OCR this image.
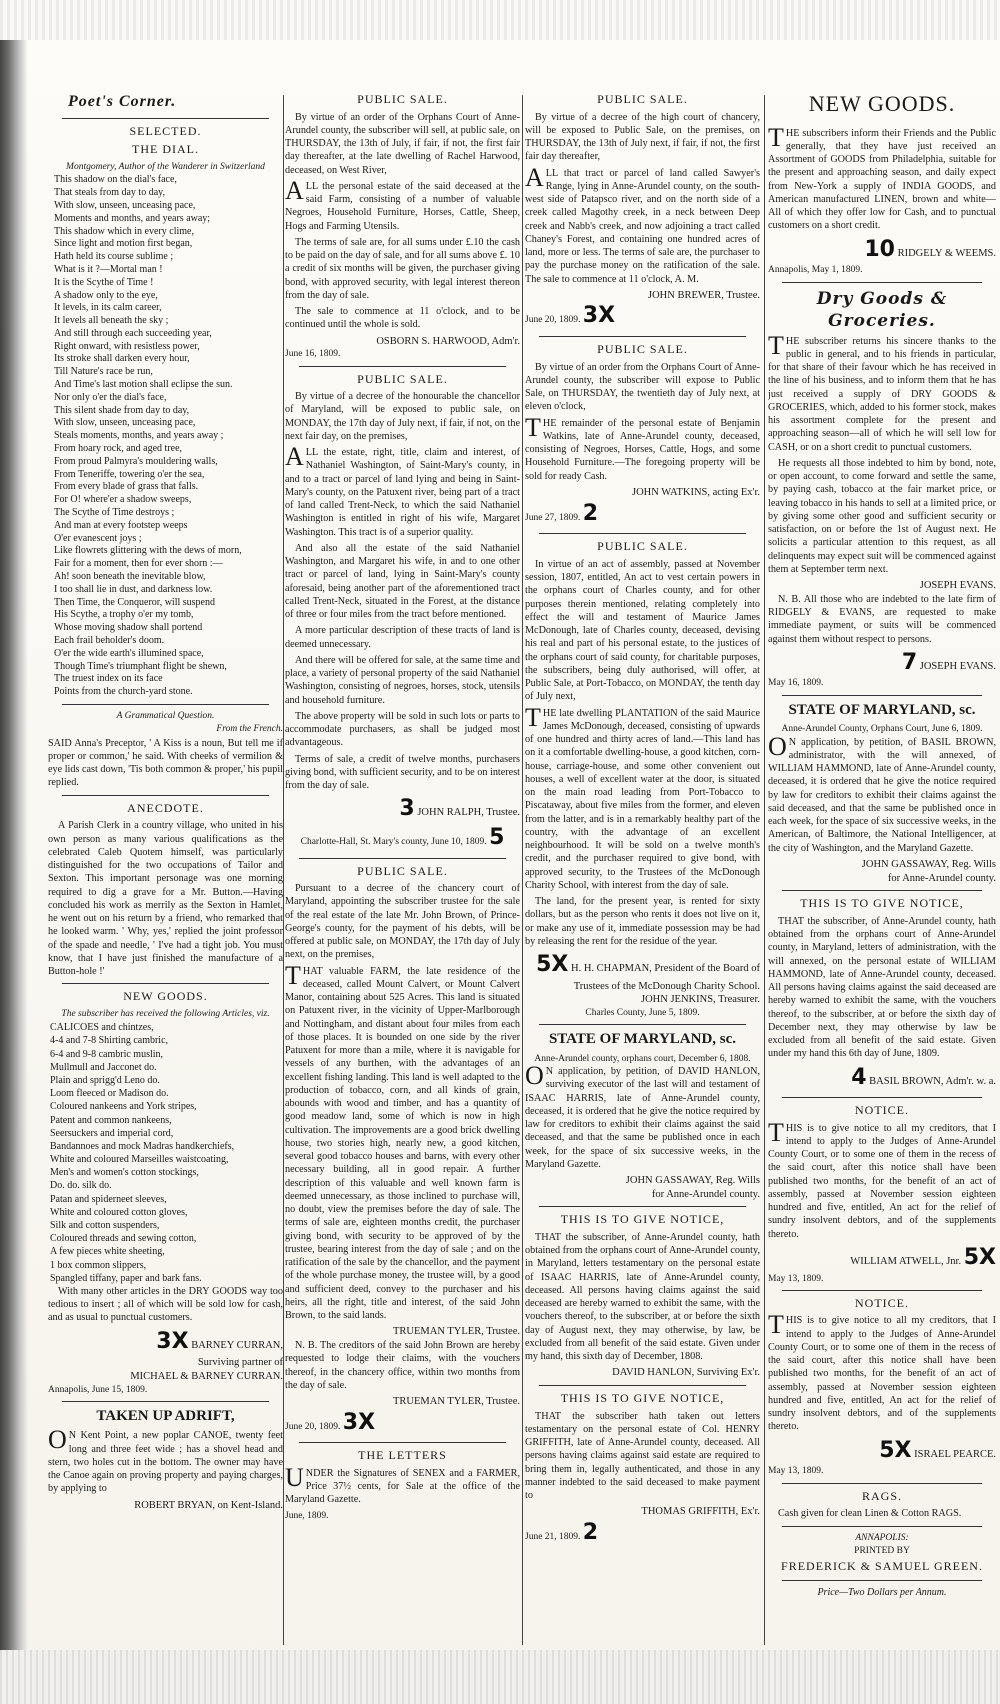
Poet's Corner.
SELECTED.
THE DIAL.
Montgomery, Author of the Wanderer in Switzerland
This shadow on the dial's face,
That steals from day to day,
With slow, unseen, unceasing pace,
Moments and months, and years away;
This shadow which in every clime,
Since light and motion first began,
Hath held its course sublime ;
What is it ?—Mortal man !
It is the Scythe of Time !
A shadow only to the eye,
It levels, in its calm career,
It levels all beneath the sky ;
And still through each succeeding year,
Right onward, with resistless power,
Its stroke shall darken every hour,
Till Nature's race be run,
And Time's last motion shall eclipse the sun.
Nor only o'er the dial's face,
This silent shade from day to day,
With slow, unseen, unceasing pace,
Steals moments, months, and years away ;
From hoary rock, and aged tree,
From proud Palmyra's mouldering walls,
From Teneriffe, towering o'er the sea,
From every blade of grass that falls.
For O! where'er a shadow sweeps,
The Scythe of Time destroys ;
And man at every footstep weeps
O'er evanescent joys ;
Like flowrets glittering with the dews of morn,
Fair for a moment, then for ever shorn :—
Ah! soon beneath the inevitable blow,
I too shall lie in dust, and darkness low.
Then Time, the Conqueror, will suspend
His Scythe, a trophy o'er my tomb,
Whose moving shadow shall portend
Each frail beholder's doom.
O'er the wide earth's illumined space,
Though Time's triumphant flight be shewn,
The truest index on its face
Points from the church-yard stone.
A Grammatical Question.
From the French.

SAID Anna's Preceptor, ' A Kiss is a noun, But tell me if proper or common,' he said. With cheeks of vermilion & eye lids cast down, 'Tis both common & proper,' his pupil replied.

ANECDOTE.

A Parish Clerk in a country village, who united in his own person as many various qualifications as the celebrated Caleb Quotem himself, was particularly distinguished for the two occupations of Tailor and Sexton. This important personage was one morning required to dig a grave for a Mr. Button.—Having concluded his work as merrily as the Sexton in Hamlet, he went out on his return by a friend, who remarked that he looked warm. ' Why, yes,' replied the joint professor of the spade and needle, ' I've had a tight job. You must know, that I have just finished the manufacture of a Button-hole !'

NEW GOODS.
The subscriber has received the following Articles, viz.
CALICOES and chintzes,
4-4 and 7-8 Shirting cambric,
6-4 and 9-8 cambric muslin,
Mullmull and Jacconet do.
Plain and sprigg'd Leno do.
Loom fleeced or Madison do.
Coloured nankeens and York stripes,
Patent and common nankeens,
Seersuckers and imperial cord,
Bandannoes and mock Madras handkerchiefs,
White and coloured Marseilles waistcoating,
Men's and women's cotton stockings,
Do. do. silk do.
Patan and spiderneet sleeves,
White and coloured cotton gloves,
Silk and cotton suspenders,
Coloured threads and sewing cotton,
A few pieces white sheeting,
1 box common slippers,
Spangled tiffany, paper and bark fans.

With many other articles in the DRY GOODS way too tedious to insert ; all of which will be sold low for cash, and as usual to punctual customers.

3X BARNEY CURRAN,
Surviving partner of
MICHAEL & BARNEY CURRAN.
Annapolis, June 15, 1809.
TAKEN UP ADRIFT,

ON Kent Point, a new poplar CANOE, twenty feet long and three feet wide ; has a shovel head and stern, two holes cut in the bottom. The owner may have the Canoe again on proving property and paying charges, by applying to

ROBERT BRYAN, on Kent-Island.
PUBLIC SALE.

By virtue of an order of the Orphans Court of Anne-Arundel county, the subscriber will sell, at public sale, on THURSDAY, the 13th of July, if fair, if not, the first fair day thereafter, at the late dwelling of Rachel Harwood, deceased, on West River,

ALL the personal estate of the said deceased at the said Farm, consisting of a number of valuable Negroes, Household Furniture, Horses, Cattle, Sheep, Hogs and Farming Utensils.

The terms of sale are, for all sums under £.10 the cash to be paid on the day of sale, and for all sums above £. 10 a credit of six months will be given, the purchaser giving bond, with approved security, with legal interest thereon from the day of sale.

The sale to commence at 11 o'clock, and to be continued until the whole is sold.

OSBORN S. HARWOOD, Adm'r.
June 16, 1809.
PUBLIC SALE.

By virtue of a decree of the honourable the chancellor of Maryland, will be exposed to public sale, on MONDAY, the 17th day of July next, if fair, if not, on the next fair day, on the premises,

ALL the estate, right, title, claim and interest, of Nathaniel Washington, of Saint-Mary's county, in and to a tract or parcel of land lying and being in Saint-Mary's county, on the Patuxent river, being part of a tract of land called Trent-Neck, to which the said Nathaniel Washington is entitled in right of his wife, Margaret Washington. This tract is of a superior quality.

And also all the estate of the said Nathaniel Washington, and Margaret his wife, in and to one other tract or parcel of land, lying in Saint-Mary's county aforesaid, being another part of the aforementioned tract called Trent-Neck, situated in the Forest, at the distance of three or four miles from the tract before mentioned.

A more particular description of these tracts of land is deemed unnecessary.

And there will be offered for sale, at the same time and place, a variety of personal property of the said Nathaniel Washington, consisting of negroes, horses, stock, utensils and household furniture.

The above property will be sold in such lots or parts to accommodate purchasers, as shall be judged most advantageous.

Terms of sale, a credit of twelve months, purchasers giving bond, with sufficient security, and to be on interest from the day of sale.

3 JOHN RALPH, Trustee.
Charlotte-Hall, St. Mary's county, June 10, 1809. 5
PUBLIC SALE.

Pursuant to a decree of the chancery court of Maryland, appointing the subscriber trustee for the sale of the real estate of the late Mr. John Brown, of Prince-George's county, for the payment of his debts, will be offered at public sale, on MONDAY, the 17th day of July next, on the premises,

THAT valuable FARM, the late residence of the deceased, called Mount Calvert, or Mount Calvert Manor, containing about 525 Acres. This land is situated on Patuxent river, in the vicinity of Upper-Marlborough and Nottingham, and distant about four miles from each of those places. It is bounded on one side by the river Patuxent for more than a mile, where it is navigable for vessels of any burthen, with the advantages of an excellent fishing landing. This land is well adapted to the production of tobacco, corn, and all kinds of grain, abounds with wood and timber, and has a quantity of good meadow land, some of which is now in high cultivation. The improvements are a good brick dwelling house, two stories high, nearly new, a good kitchen, several good tobacco houses and barns, with every other necessary building, all in good repair. A further description of this valuable and well known farm is deemed unnecessary, as those inclined to purchase will, no doubt, view the premises before the day of sale. The terms of sale are, eighteen months credit, the purchaser giving bond, with security to be approved of by the trustee, bearing interest from the day of sale ; and on the ratification of the sale by the chancellor, and the payment of the whole purchase money, the trustee will, by a good and sufficient deed, convey to the purchaser and his heirs, all the right, title and interest, of the said John Brown, to the said lands.

TRUEMAN TYLER, Trustee.

N. B. The creditors of the said John Brown are hereby requested to lodge their claims, with the vouchers thereof, in the chancery office, within two months from the day of sale.

TRUEMAN TYLER, Trustee.
June 20, 1809. 3X
THE LETTERS

UNDER the Signatures of SENEX and a FARMER, Price 37½ cents, for Sale at the office of the Maryland Gazette.

June, 1809.
PUBLIC SALE.

By virtue of a decree of the high court of chancery, will be exposed to Public Sale, on the premises, on THURSDAY, the 13th of July next, if fair, if not, the first fair day thereafter,

ALL that tract or parcel of land called Sawyer's Range, lying in Anne-Arundel county, on the south-west side of Patapsco river, and on the north side of a creek called Magothy creek, in a neck between Deep creek and Nabb's creek, and now adjoining a tract called Chaney's Forest, and containing one hundred acres of land, more or less. The terms of sale are, the purchaser to pay the purchase money on the ratification of the sale. The sale to commence at 11 o'clock, A. M.

JOHN BREWER, Trustee.
June 20, 1809. 3X
PUBLIC SALE.

By virtue of an order from the Orphans Court of Anne-Arundel county, the subscriber will expose to Public Sale, on THURSDAY, the twentieth day of July next, at eleven o'clock,

THE remainder of the personal estate of Benjamin Watkins, late of Anne-Arundel county, deceased, consisting of Negroes, Horses, Cattle, Hogs, and some Household Furniture.—The foregoing property will be sold for ready Cash.

JOHN WATKINS, acting Ex'r.
June 27, 1809. 2
PUBLIC SALE.

In virtue of an act of assembly, passed at November session, 1807, entitled, An act to vest certain powers in the orphans court of Charles county, and for other purposes therein mentioned, relating completely into effect the will and testament of Maurice James McDonough, late of Charles county, deceased, devising his real and part of his personal estate, to the justices of the orphans court of said county, for charitable purposes, the subscribers, being duly authorised, will offer, at Public Sale, at Port-Tobacco, on MONDAY, the tenth day of July next,

THE late dwelling PLANTATION of the said Maurice James McDonough, deceased, consisting of upwards of one hundred and thirty acres of land.—This land has on it a comfortable dwelling-house, a good kitchen, corn-house, carriage-house, and some other convenient out houses, a well of excellent water at the door, is situated on the main road leading from Port-Tobacco to Piscataway, about five miles from the former, and eleven from the latter, and is in a remarkably healthy part of the country, with the advantage of an excellent neighbourhood. It will be sold on a twelve month's credit, and the purchaser required to give bond, with approved security, to the Trustees of the McDonough Charity School, with interest from the day of sale.

The land, for the present year, is rented for sixty dollars, but as the person who rents it does not live on it, or make any use of it, immediate possession may be had by releasing the rent for the residue of the year.

5X H. H. CHAPMAN, President of the Board of Trustees of the McDonough Charity School.
JOHN JENKINS, Treasurer.
Charles County, June 5, 1809.
STATE OF MARYLAND, sc.
Anne-Arundel county, orphans court, December 6, 1808.

ON application, by petition, of DAVID HANLON, surviving executor of the last will and testament of ISAAC HARRIS, late of Anne-Arundel county, deceased, it is ordered that he give the notice required by law for creditors to exhibit their claims against the said deceased, and that the same be published once in each week, for the space of six successive weeks, in the Maryland Gazette.

JOHN GASSAWAY, Reg. Wills
for Anne-Arundel county.
THIS IS TO GIVE NOTICE,

THAT the subscriber, of Anne-Arundel county, hath obtained from the orphans court of Anne-Arundel county, in Maryland, letters testamentary on the personal estate of ISAAC HARRIS, late of Anne-Arundel county, deceased. All persons having claims against the said deceased are hereby warned to exhibit the same, with the vouchers thereof, to the subscriber, at or before the sixth day of August next, they may otherwise, by law, be excluded from all benefit of the said estate. Given under my hand, this sixth day of December, 1808.

DAVID HANLON, Surviving Ex'r.
THIS IS TO GIVE NOTICE,

THAT the subscriber hath taken out letters testamentary on the personal estate of Col. HENRY GRIFFITH, late of Anne-Arundel county, deceased. All persons having claims against said estate are required to bring them in, legally authenticated, and those in any manner indebted to the said deceased to make payment to

THOMAS GRIFFITH, Ex'r.
June 21, 1809. 2
NEW GOODS.

THE subscribers inform their Friends and the Public generally, that they have just received an Assortment of GOODS from Philadelphia, suitable for the present and approaching season, and daily expect from New-York a supply of INDIA GOODS, and American manufactured LINEN, brown and white—All of which they offer low for Cash, and to punctual customers on a short credit.

10 RIDGELY & WEEMS.
Annapolis, May 1, 1809.
Dry Goods & Groceries.

THE subscriber returns his sincere thanks to the public in general, and to his friends in particular, for that share of their favour which he has received in the line of his business, and to inform them that he has just received a supply of DRY GOODS & GROCERIES, which, added to his former stock, makes his assortment complete for the present and approaching season—all of which he will sell low for CASH, or on a short credit to punctual customers.

He requests all those indebted to him by bond, note, or open account, to come forward and settle the same, by paying cash, tobacco at the fair market price, or leaving tobacco in his hands to sell at a limited price, or by giving some other good and sufficient security or satisfaction, on or before the 1st of August next. He solicits a particular attention to this request, as all delinquents may expect suit will be commenced against them at September term next.

JOSEPH EVANS.

N. B. All those who are indebted to the late firm of RIDGELY & EVANS, are requested to make immediate payment, or suits will be commenced against them without respect to persons.

7 JOSEPH EVANS.
May 16, 1809.
STATE OF MARYLAND, sc.
Anne-Arundel County, Orphans Court, June 6, 1809.

ON application, by petition, of BASIL BROWN, administrator, with the will annexed, of WILLIAM HAMMOND, late of Anne-Arundel county, deceased, it is ordered that he give the notice required by law for creditors to exhibit their claims against the said deceased, and that the same be published once in each week, for the space of six successive weeks, in the American, of Baltimore, the National Intelligencer, at the city of Washington, and the Maryland Gazette.

JOHN GASSAWAY, Reg. Wills
for Anne-Arundel county.
THIS IS TO GIVE NOTICE,

THAT the subscriber, of Anne-Arundel county, hath obtained from the orphans court of Anne-Arundel county, in Maryland, letters of administration, with the will annexed, on the personal estate of WILLIAM HAMMOND, late of Anne-Arundel county, deceased. All persons having claims against the said deceased are hereby warned to exhibit the same, with the vouchers thereof, to the subscriber, at or before the sixth day of December next, they may otherwise by law be excluded from all benefit of the said estate. Given under my hand this 6th day of June, 1809.

4 BASIL BROWN, Adm'r. w. a.
NOTICE.

THIS is to give notice to all my creditors, that I intend to apply to the Judges of Anne-Arundel County Court, or to some one of them in the recess of the said court, after this notice shall have been published two months, for the benefit of an act of assembly, passed at November session eighteen hundred and five, entitled, An act for the relief of sundry insolvent debtors, and of the supplements thereto.

WILLIAM ATWELL, Jnr. 5X
May 13, 1809.
NOTICE.

THIS is to give notice to all my creditors, that I intend to apply to the Judges of Anne-Arundel County Court, or to some one of them in the recess of the said court, after this notice shall have been published two months, for the benefit of an act of assembly, passed at November session eighteen hundred and five, entitled, An act for the relief of sundry insolvent debtors, and of the supplements thereto.

5X ISRAEL PEARCE.
May 13, 1809.
RAGS.

Cash given for clean Linen & Cotton RAGS.

ANNAPOLIS:
PRINTED BY
FREDERICK & SAMUEL GREEN.
Price—Two Dollars per Annum.
